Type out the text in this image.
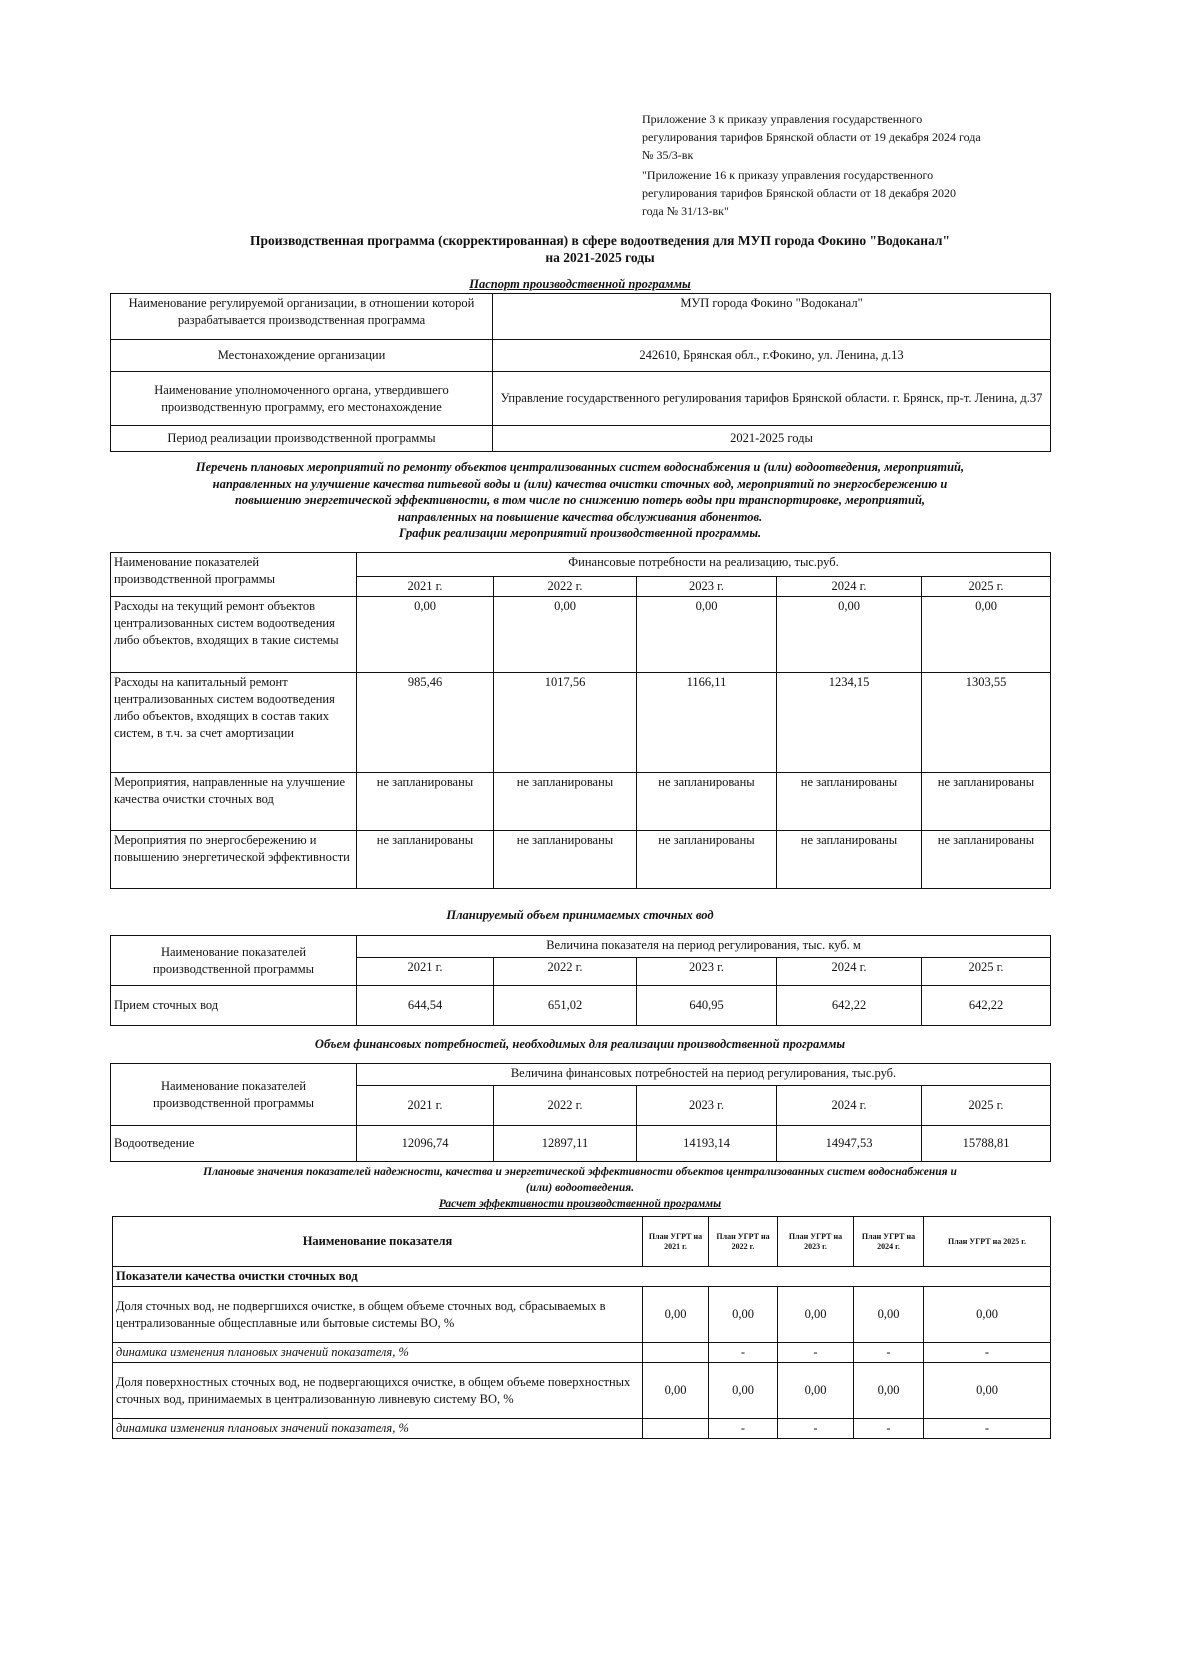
Приложение 3 к приказу управления государственного

регулирования тарифов Брянской области от 19 декабря 2024 года

№ 35/3-вк

"Приложение 16 к приказу управления государственного

регулирования тарифов Брянской области от 18 декабря 2020

года № 31/13-вк"

Производственная программа (скорректированная) в сфере водоотведения для МУП города Фокино "Водоканал"
на 2021-2025 годы
Паспорт производственной программы
Наименование регулируемой организации, в отношении которой разрабатывается производственная программа	МУП города Фокино "Водоканал"
Местонахождение организации	242610, Брянская обл., г.Фокино, ул. Ленина, д.13
Наименование уполномоченного органа, утвердившего производственную программу, его местонахождение	Управление государственного регулирования тарифов Брянской области. г. Брянск, пр-т. Ленина, д.37
Период реализации производственной программы	2021-2025 годы
Перечень плановых мероприятий по ремонту объектов централизованных систем водоснабжения и (или) водоотведения, мероприятий,
направленных на улучшение качества питьевой воды и (или) качества очистки сточных вод, мероприятий по энергосбережению и
повышению энергетической эффективности, в том числе по снижению потерь воды при транспортировке, мероприятий,
направленных на повышение качества обслуживания абонентов.
График реализации мероприятий производственной программы.
Наименование показателей производственной программы	Финансовые потребности на реализацию, тыс.руб.				
	2021 г.	2022 г.	2023 г.	2024 г.	2025 г.
Расходы на текущий ремонт объектов централизованных систем водоотведения либо объектов, входящих в такие системы	0,00	0,00	0,00	0,00	0,00
Расходы на капитальный ремонт централизованных систем водоотведения либо объектов, входящих в состав таких систем, в т.ч. за счет амортизации	985,46	1017,56	1166,11	1234,15	1303,55
Мероприятия, направленные на улучшение качества очистки сточных вод	не запланированы	не запланированы	не запланированы	не запланированы	не запланированы
Мероприятия по энергосбережению и повышению энергетической эффективности	не запланированы	не запланированы	не запланированы	не запланированы	не запланированы
Планируемый объем принимаемых сточных вод
Наименование показателей производственной программы	Величина показателя на период регулирования, тыс. куб. м				
	2021 г.	2022 г.	2023 г.	2024 г.	2025 г.
Прием сточных вод	644,54	651,02	640,95	642,22	642,22
Объем финансовых потребностей, необходимых для реализации производственной программы
Наименование показателей производственной программы	Величина финансовых потребностей на период регулирования, тыс.руб.				
	2021 г.	2022 г.	2023 г.	2024 г.	2025 г.
Водоотведение	12096,74	12897,11	14193,14	14947,53	15788,81
Плановые значения показателей надежности, качества и энергетической эффективности объектов централизованных систем водоснабжения и
(или) водоотведения.
Расчет эффективности производственной программы
Наименование показателя	План УГРТ на 2021 г.	План УГРТ на 2022 г.	План УГРТ на 2023 г.	План УГРТ на 2024 г.	План УГРТ на 2025 г.
Показатели качества очистки сточных вод					
Доля сточных вод, не подвергшихся очистке, в общем объеме сточных вод, сбрасываемых в централизованные общесплавные или бытовые системы ВО, %	0,00	0,00	0,00	0,00	0,00
динамика изменения плановых значений показателя, %		-	-	-	-
Доля поверхностных сточных вод, не подвергающихся очистке, в общем объеме поверхностных сточных вод, принимаемых в централизованную ливневую систему ВО, %	0,00	0,00	0,00	0,00	0,00
динамика изменения плановых значений показателя, %		-	-	-	-
